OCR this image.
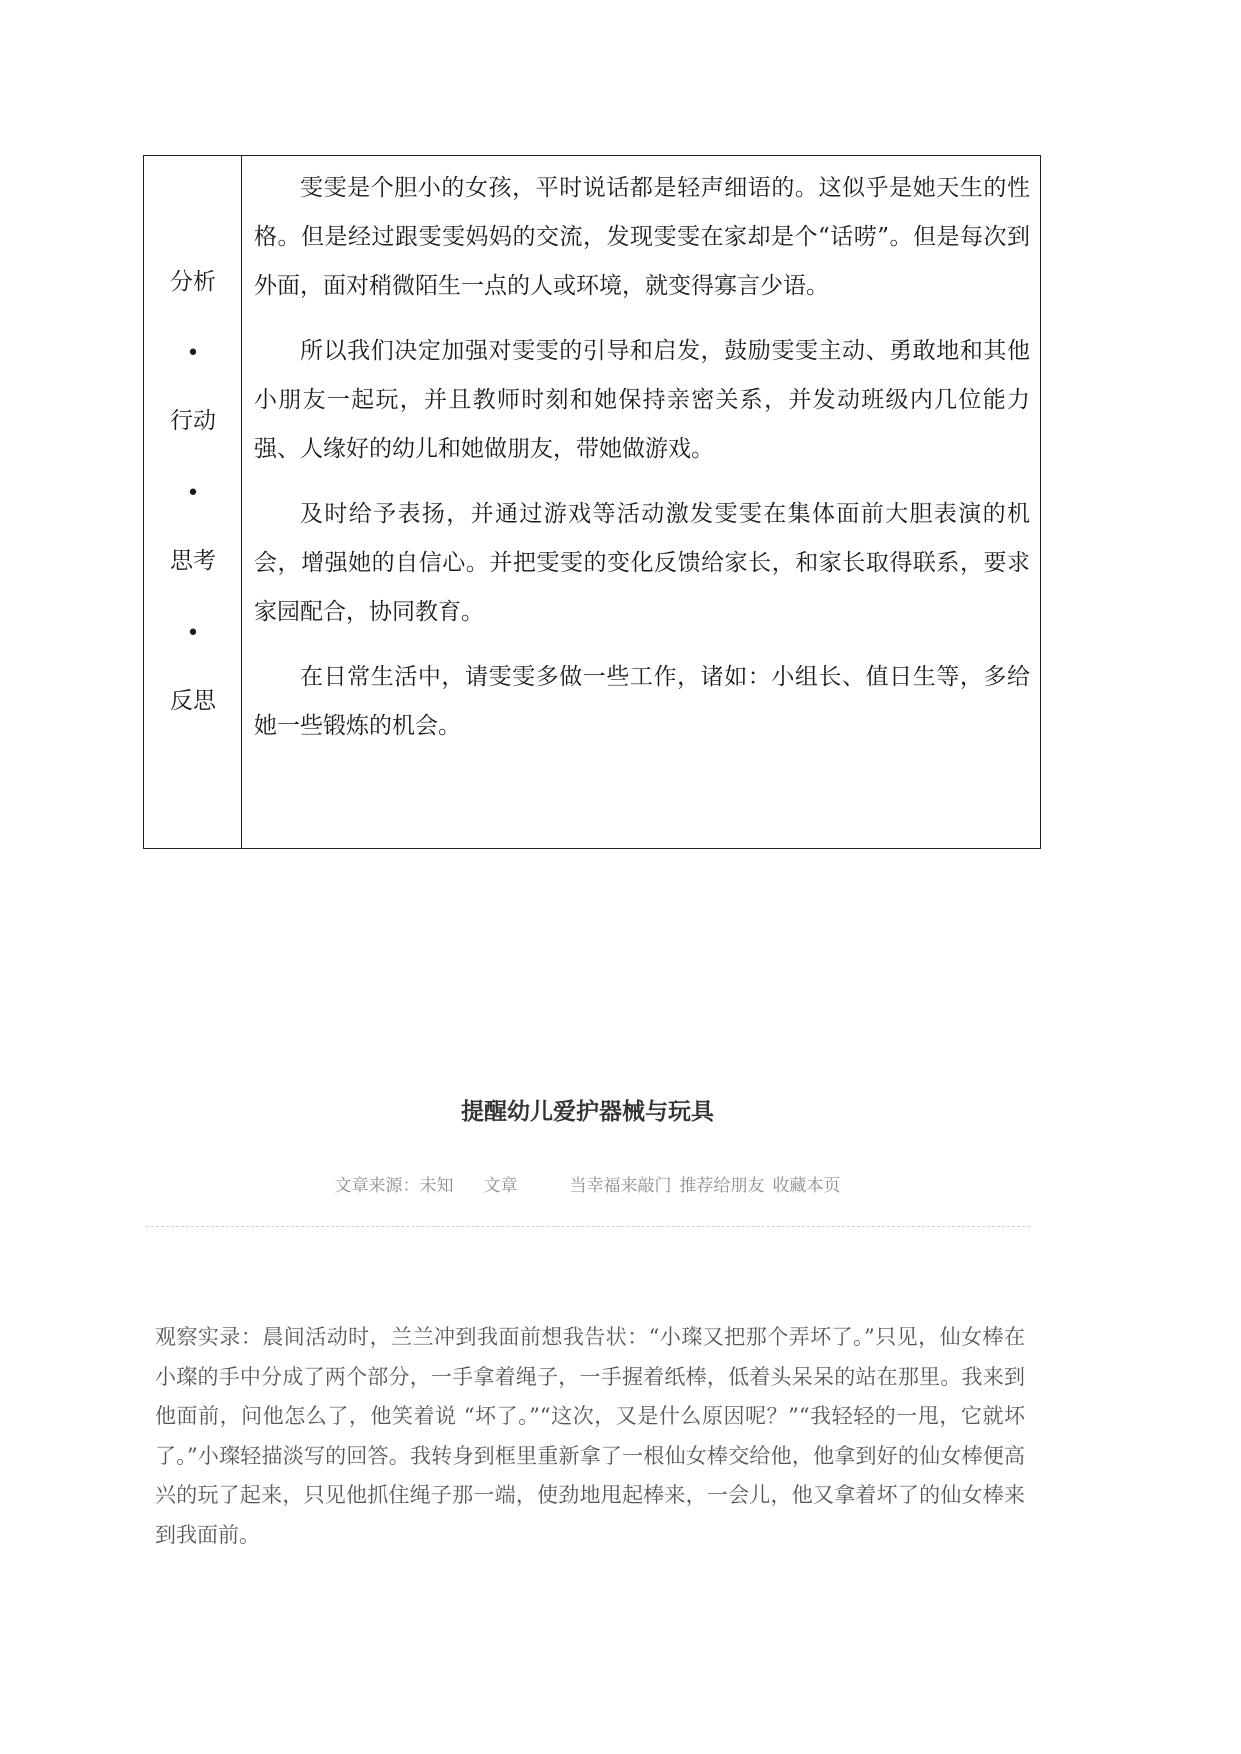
分析
•
行动
•
思考
•
反思

雯雯是个胆小的女孩，平时说话都是轻声细语的。这似乎是她天生的性格。但是经过跟雯雯妈妈的交流，发现雯雯在家却是个“话唠”。但是每次到外面，面对稍微陌生一点的人或环境，就变得寡言少语。

所以我们决定加强对雯雯的引导和启发，鼓励雯雯主动、勇敢地和其他小朋友一起玩，并且教师时刻和她保持亲密关系，并发动班级内几位能力强、人缘好的幼儿和她做朋友，带她做游戏。

及时给予表扬，并通过游戏等活动激发雯雯在集体面前大胆表演的机会，增强她的自信心。并把雯雯的变化反馈给家长，和家长取得联系，要求家园配合，协同教育。

在日常生活中，请雯雯多做一些工作，诸如：小组长、值日生等，多给她一些锻炼的机会。

提醒幼儿爱护器械与玩具
文章来源：未知 文章	当幸福来敲门 推荐给朋友 收藏本页

观察实录：晨间活动时，兰兰冲到我面前想我告状：“小璨又把那个弄坏了。”只见，仙女棒在小璨的手中分成了两个部分，一手拿着绳子，一手握着纸棒，低着头呆呆的站在那里。我来到他面前，问他怎么了，他笑着说 “坏了。”“这次，又是什么原因呢？”“我轻轻的一甩，它就坏了。”小璨轻描淡写的回答。我转身到框里重新拿了一根仙女棒交给他，他拿到好的仙女棒便高兴的玩了起来，只见他抓住绳子那一端，使劲地甩起棒来，一会儿，他又拿着坏了的仙女棒来到我面前。
